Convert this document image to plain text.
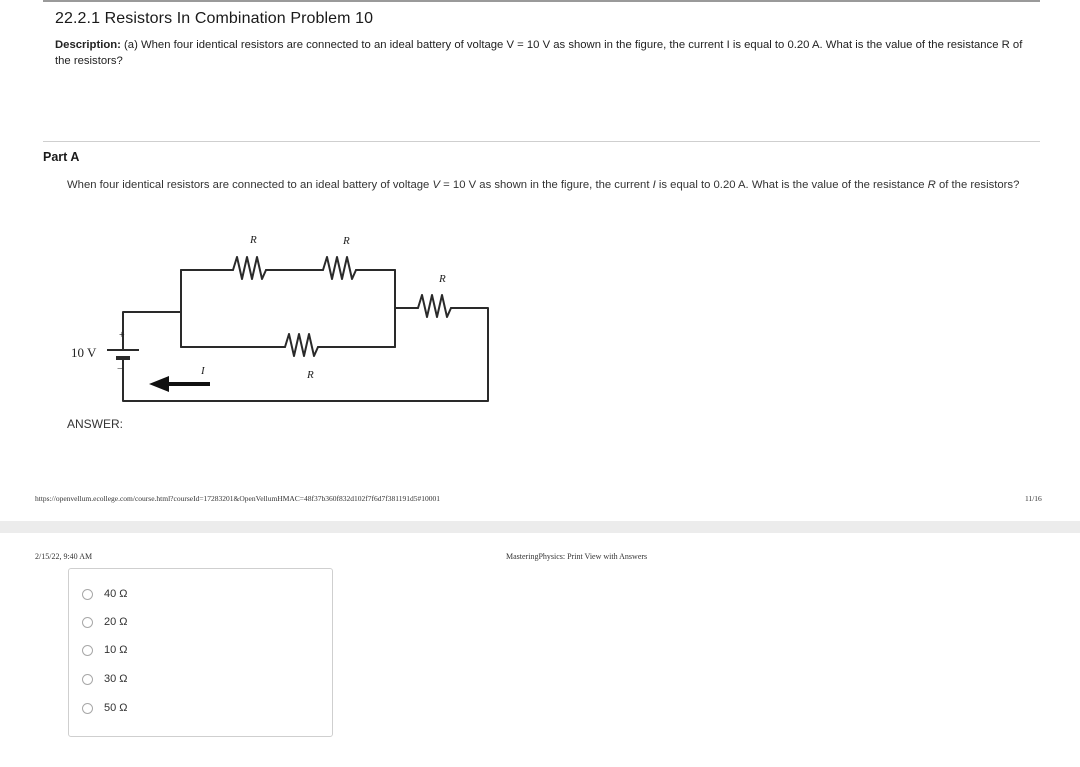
22.2.1 Resistors In Combination Problem 10
Description: (a) When four identical resistors are connected to an ideal battery of voltage V = 10 V as shown in the figure, the current I is equal to 0.20 A. What is the value of the resistance R of the resistors?
Part A
When four identical resistors are connected to an ideal battery of voltage V = 10 V as shown in the figure, the current I is equal to 0.20 A. What is the value of the resistance R of the resistors?
10 V
+
−
R	R
R
R
I
ANSWER:
https://openvellum.ecollege.com/course.html?courseId=17283201&OpenVellumHMAC=48f37b360f832d102f7f6d7f381191d5#10001	11/16
2/15/22, 9:40 AM	MasteringPhysics: Print View with Answers
40 Ω
20 Ω
10 Ω
30 Ω
50 Ω
